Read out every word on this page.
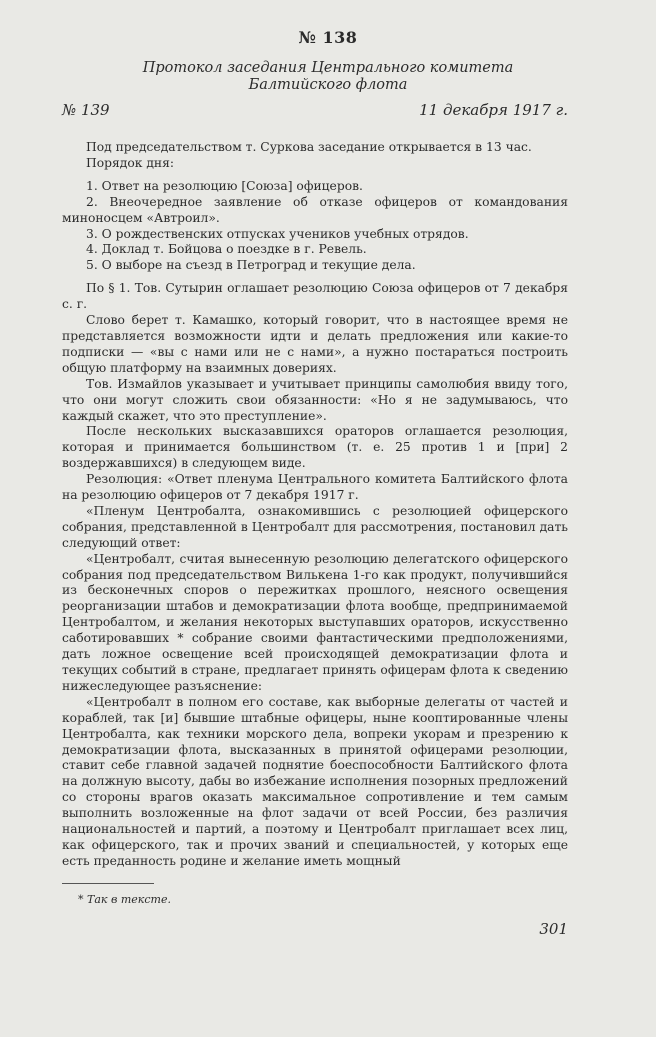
№ 138
Протокол заседания Центрального комитета
Балтийского флота
№ 139	11 декабря 1917 г.

Под председательством т. Суркова заседание открывается в 13 час.

Порядок дня:

1. Ответ на резолюцию [Союза] офицеров.

2. Внеочередное заявление об отказе офицеров от командования миноносцем «Автроил».

3. О рождественских отпусках учеников учебных отрядов.

4. Доклад т. Бойцова о поездке в г. Ревель.

5. О выборе на съезд в Петроград и текущие дела.

По § 1. Тов. Сутырин оглашает резолюцию Союза офицеров от 7 декабря с. г.

Слово берет т. Камашко, который говорит, что в настоящее время не представляется возможности идти и делать предложения или какие-то подписки — «вы с нами или не с нами», а нужно постараться построить общую платформу на взаимных довериях.

Тов. Измайлов указывает и учитывает принципы самолюбия ввиду того, что они могут сложить свои обязанности: «Но я не задумываюсь, что каждый скажет, что это преступление».

После нескольких высказавшихся ораторов оглашается резолюция, которая и принимается большинством (т. е. 25 против 1 и [при] 2 воздержавшихся) в следующем виде.

Резолюция: «Ответ пленума Центрального комитета Балтийского флота на резолюцию офицеров от 7 декабря 1917 г.

«Пленум Центробалта, ознакомившись с резолюцией офицерского собрания, представленной в Центробалт для рассмотрения, постановил дать следующий ответ:

«Центробалт, считая вынесенную резолюцию делегатского офицерского собрания под председательством Вилькена 1-го как продукт, получившийся из бесконечных споров о пережитках прошлого, неясного освещения реорганизации штабов и демократизации флота вообще, предпринимаемой Центробалтом, и желания некоторых выступавших ораторов, искусственно саботировавших * собрание своими фантастическими предположениями, дать ложное освещение всей происходящей демократизации флота и текущих событий в стране, предлагает принять офицерам флота к сведению нижеследующее разъяснение:

«Центробалт в полном его составе, как выборные делегаты от частей и кораблей, так [и] бывшие штабные офицеры, ныне кооптированные члены Центробалта, как техники морского дела, вопреки укорам и презрению к демократизации флота, высказанных в принятой офицерами резолюции, ставит себе главной задачей поднятие боеспособности Балтийского флота на должную высоту, дабы во избежание исполнения позорных предложений со стороны врагов оказать максимальное сопротивление и тем самым выполнить возложенные на флот задачи от всей России, без различия национальностей и партий, а поэтому и Центробалт приглашает всех лиц, как офицерского, так и прочих званий и специальностей, у которых еще есть преданность родине и желание иметь мощный

* Так в тексте.
301
